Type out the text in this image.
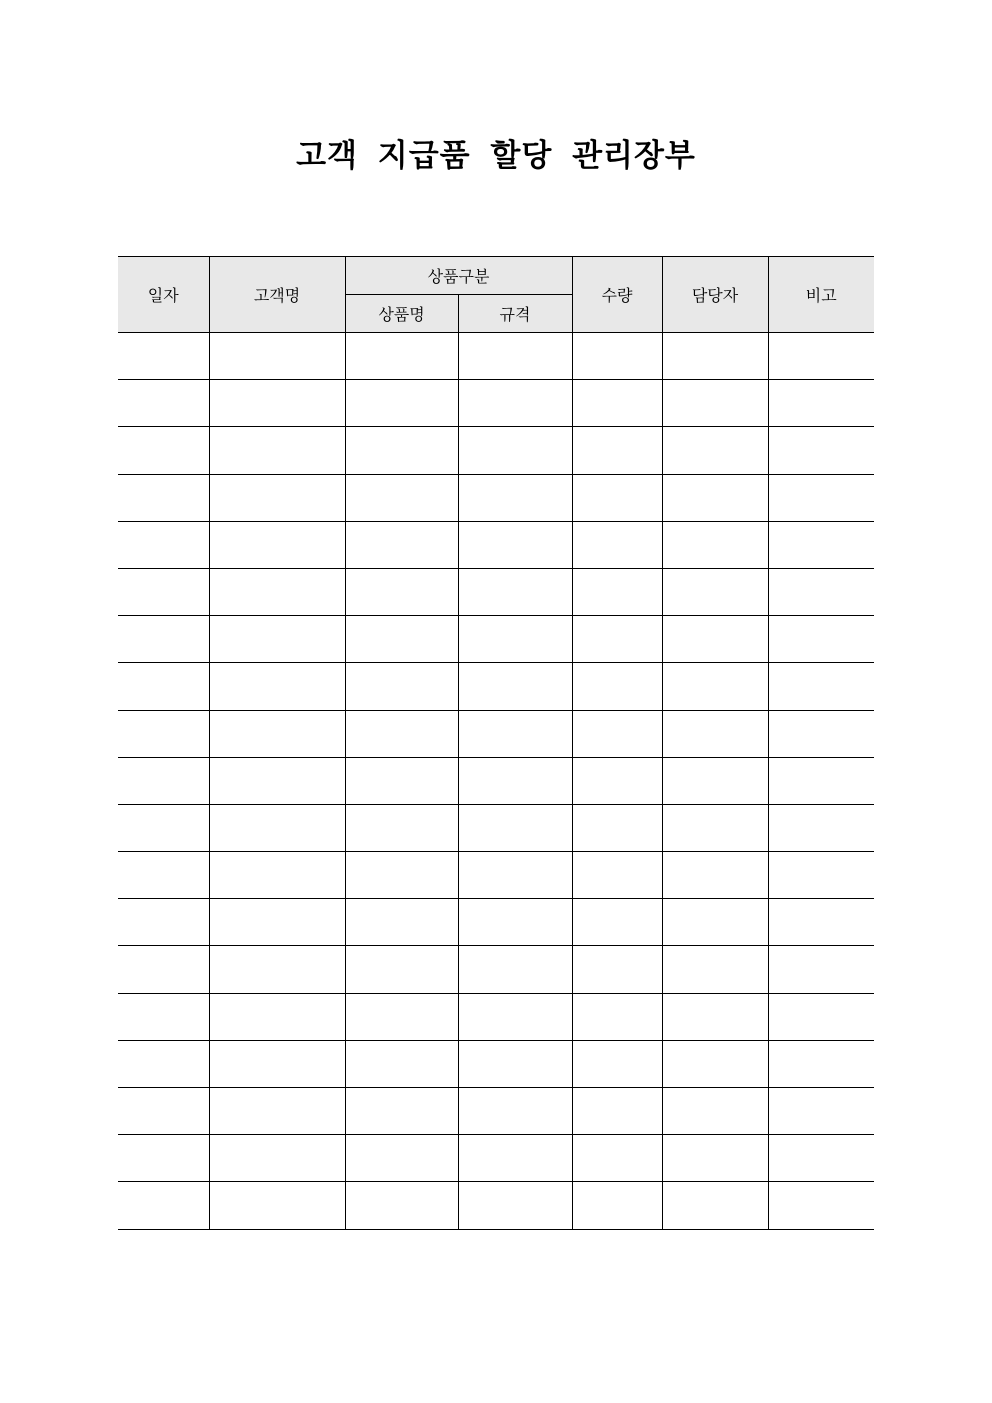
고객 지급품 할당 관리장부
일자	고객명	상품구분		수량	담당자	비고
		상품명	규격			
